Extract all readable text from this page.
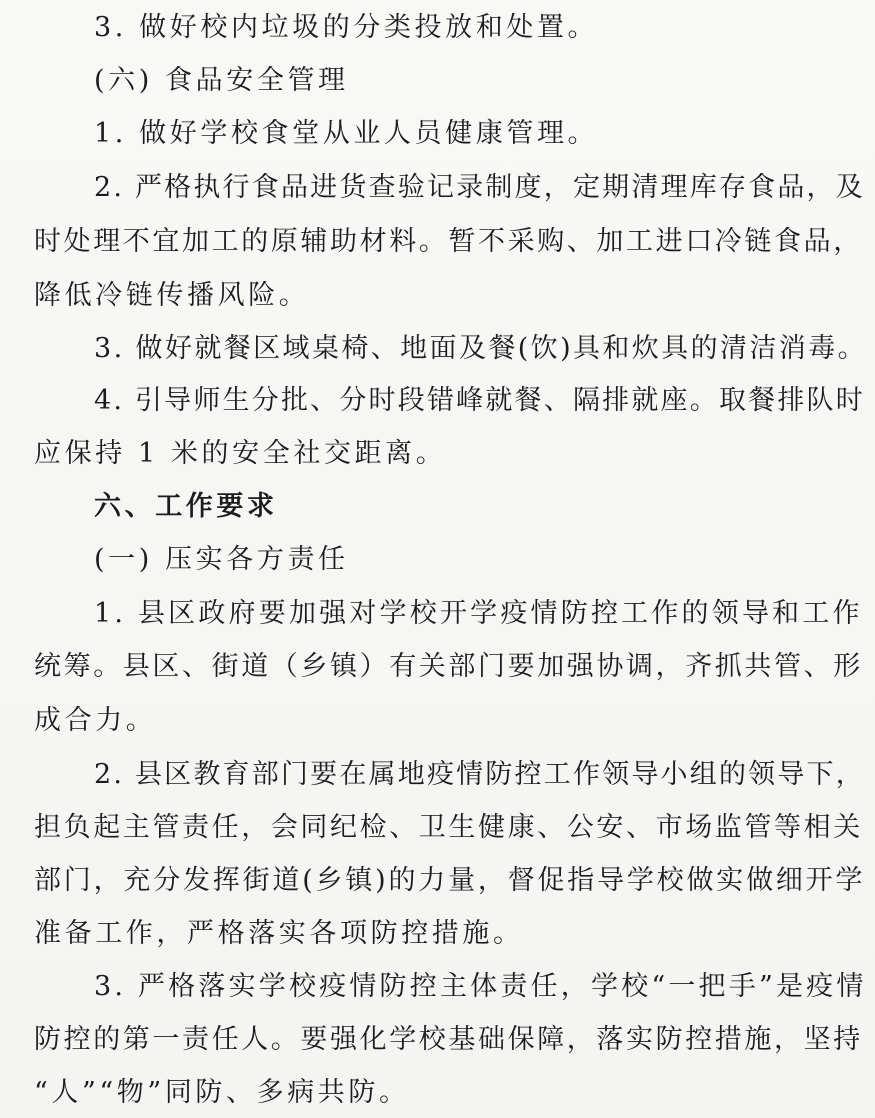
3. 做好校内垃圾的分类投放和处置。
(六) 食品安全管理
1. 做好学校食堂从业人员健康管理。
2. 严格执行食品进货查验记录制度，定期清理库存食品，及
时处理不宜加工的原辅助材料。暂不采购、加工进口冷链食品，
降低冷链传播风险。
3. 做好就餐区域桌椅、地面及餐(饮)具和炊具的清洁消毒。
4. 引导师生分批、分时段错峰就餐、隔排就座。取餐排队时
应保持 1 米的安全社交距离。
六、工作要求
(一) 压实各方责任
1. 县区政府要加强对学校开学疫情防控工作的领导和工作
统筹。县区、街道（乡镇）有关部门要加强协调，齐抓共管、形
成合力。
2. 县区教育部门要在属地疫情防控工作领导小组的领导下，
担负起主管责任，会同纪检、卫生健康、公安、市场监管等相关
部门，充分发挥街道(乡镇)的力量，督促指导学校做实做细开学
准备工作，严格落实各项防控措施。
3. 严格落实学校疫情防控主体责任，学校“一把手”是疫情
防控的第一责任人。要强化学校基础保障，落实防控措施，坚持
“人”“物”同防、多病共防。
